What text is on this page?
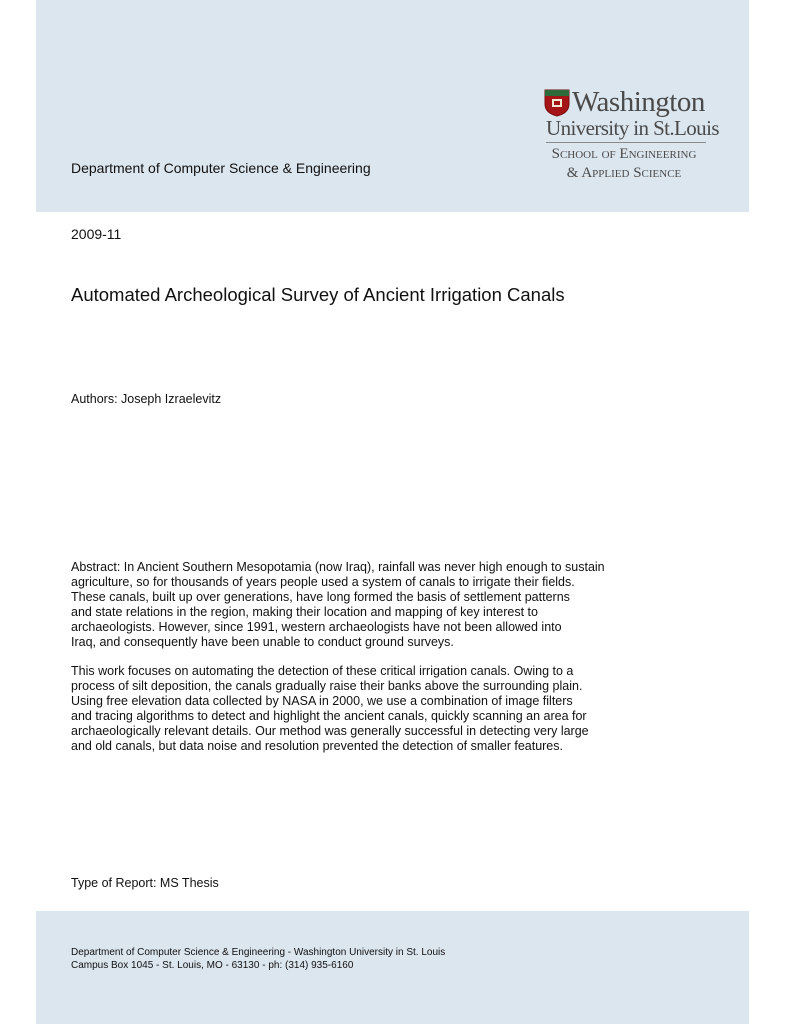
Washington
University in St.Louis
School of Engineering
& Applied Science
Department of Computer Science & Engineering
2009-11
Automated Archeological Survey of Ancient Irrigation Canals
Authors: Joseph Izraelevitz

Abstract: In Ancient Southern Mesopotamia (now Iraq), rainfall was never high enough to sustain
agriculture, so for thousands of years people used a system of canals to irrigate their fields.
These canals, built up over generations, have long formed the basis of settlement patterns
and state relations in the region, making their location and mapping of key interest to
archaeologists. However, since 1991, western archaeologists have not been allowed into
Iraq, and consequently have been unable to conduct ground surveys.

This work focuses on automating the detection of these critical irrigation canals. Owing to a
process of silt deposition, the canals gradually raise their banks above the surrounding plain.
Using free elevation data collected by NASA in 2000, we use a combination of image filters
and tracing algorithms to detect and highlight the ancient canals, quickly scanning an area for
archaeologically relevant details. Our method was generally successful in detecting very large
and old canals, but data noise and resolution prevented the detection of smaller features.

Type of Report: MS Thesis
Department of Computer Science & Engineering - Washington University in St. Louis
Campus Box 1045 - St. Louis, MO - 63130 - ph: (314) 935-6160
